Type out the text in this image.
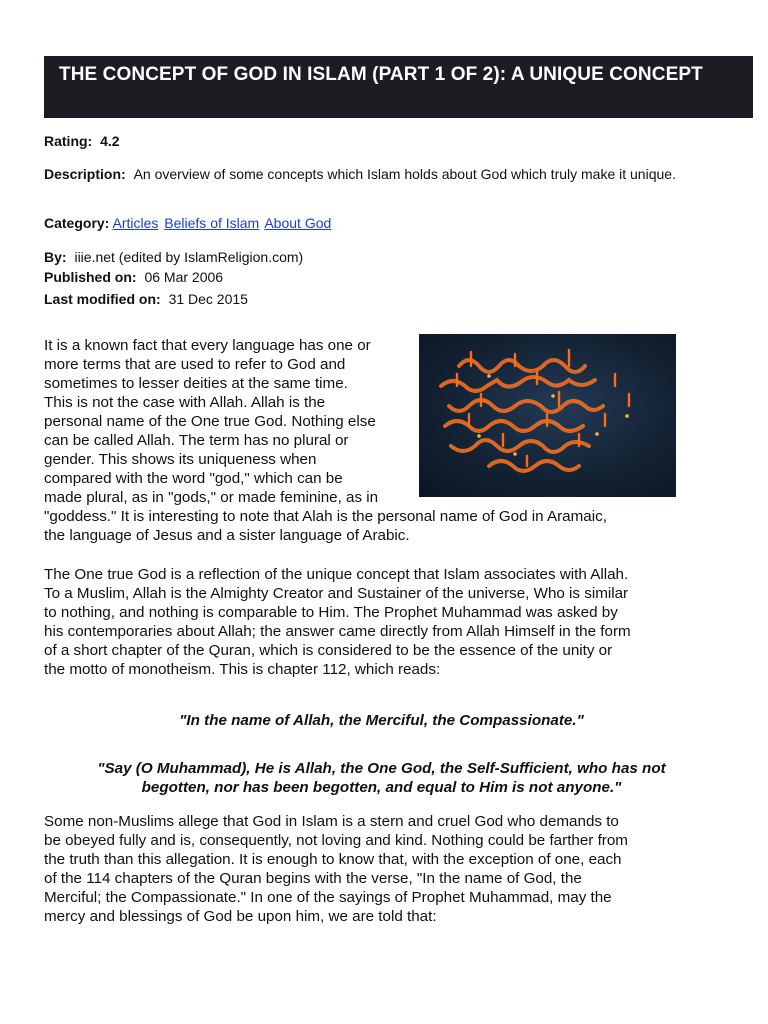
THE CONCEPT OF GOD IN ISLAM (PART 1 OF 2): A UNIQUE CONCEPT
Rating: 4.2
Description: An overview of some concepts which Islam holds about God which truly make it unique.
Category: Articles Beliefs of Islam About God
By: iiie.net (edited by IslamReligion.com)
Published on: 06 Mar 2006
Last modified on: 31 Dec 2015
It is a known fact that every language has one or
more terms that are used to refer to God and
sometimes to lesser deities at the same time.
This is not the case with Allah. Allah is the
personal name of the One true God. Nothing else
can be called Allah. The term has no plural or
gender. This shows its uniqueness when
compared with the word "god," which can be
made plural, as in "gods," or made feminine, as in
"goddess." It is interesting to note that Alah is the personal name of God in Aramaic,
the language of Jesus and a sister language of Arabic.
The One true God is a reflection of the unique concept that Islam associates with Allah.
To a Muslim, Allah is the Almighty Creator and Sustainer of the universe, Who is similar
to nothing, and nothing is comparable to Him. The Prophet Muhammad was asked by
his contemporaries about Allah; the answer came directly from Allah Himself in the form
of a short chapter of the Quran, which is considered to be the essence of the unity or
the motto of monotheism. This is chapter 112, which reads:

"In the name of Allah, the Merciful, the Compassionate."

"Say (O Muhammad), He is Allah, the One God, the Self-Sufficient, who has not
begotten, nor has been begotten, and equal to Him is not anyone."
Some non-Muslims allege that God in Islam is a stern and cruel God who demands to
be obeyed fully and is, consequently, not loving and kind. Nothing could be farther from
the truth than this allegation. It is enough to know that, with the exception of one, each
of the 114 chapters of the Quran begins with the verse, "In the name of God, the
Merciful; the Compassionate." In one of the sayings of Prophet Muhammad, may the
mercy and blessings of God be upon him, we are told that:
